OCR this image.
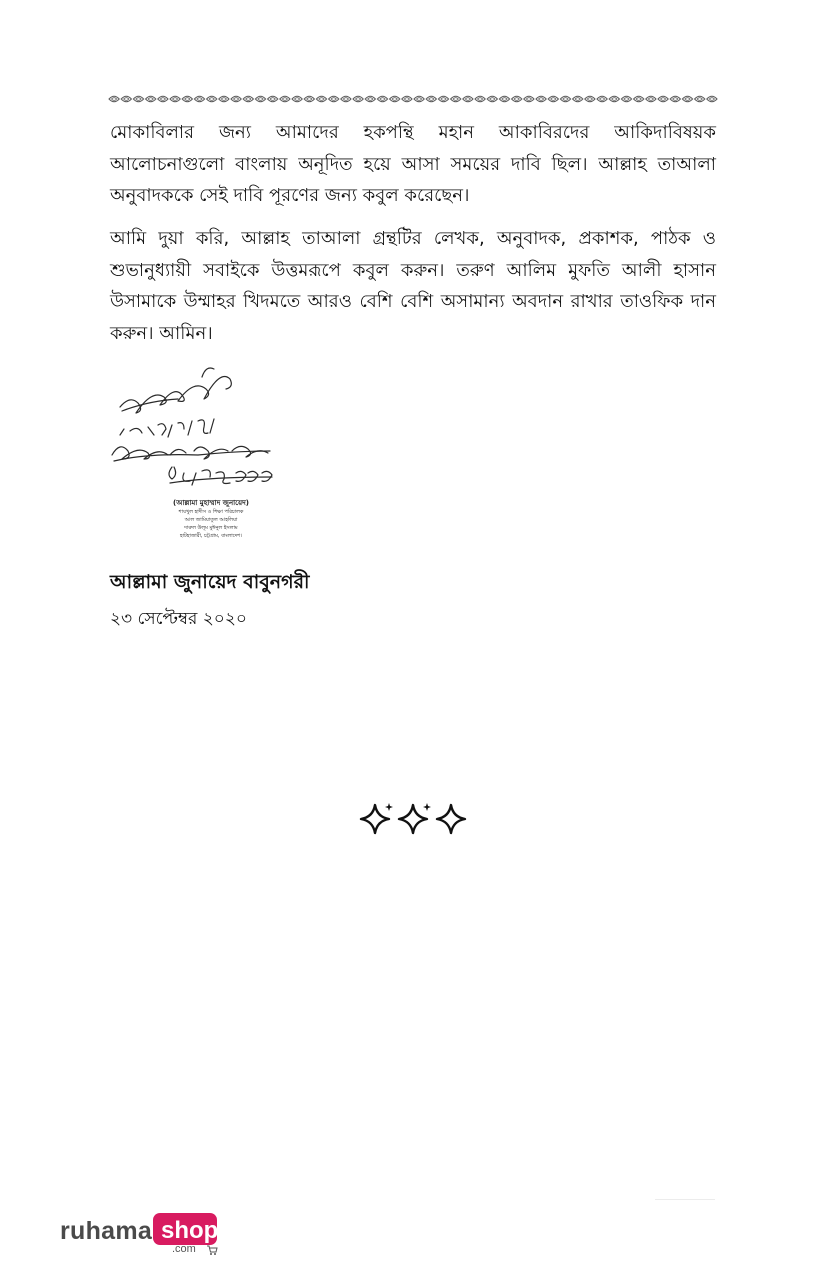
মোকাবিলার জন্য আমাদের হকপন্থি মহান আকাবিরদের আকিদাবিষয়ক আলোচনাগুলো বাংলায় অনূদিত হয়ে আসা সময়ের দাবি ছিল। আল্লাহ তাআলা অনুবাদককে সেই দাবি পূরণের জন্য কবুল করেছেন।

আমি দুয়া করি, আল্লাহ তাআলা গ্রন্থটির লেখক, অনুবাদক, প্রকাশক, পাঠক ও শুভানুধ্যায়ী সবাইকে উত্তমরূপে কবুল করুন। তরুণ আলিম মুফতি আলী হাসান উসামাকে উম্মাহর খিদমতে আরও বেশি বেশি অসামান্য অবদান রাখার তাওফিক দান করুন। আমিন।

(আল্লামা মুহাম্মাদ জুনায়েদ)
শায়খুল হাদীস ও শিক্ষা পরিচালক
আল জামিয়াতুল আহলিয়া
দারুল উলূম মুঈনুল ইসলাম
হাটহাজারী, চট্টগ্রাম, বাংলাদেশ।

আল্লামা জুনায়েদ বাবুনগরী

২৩ সেপ্টেম্বর ২০২০

ruhama shop
.com
